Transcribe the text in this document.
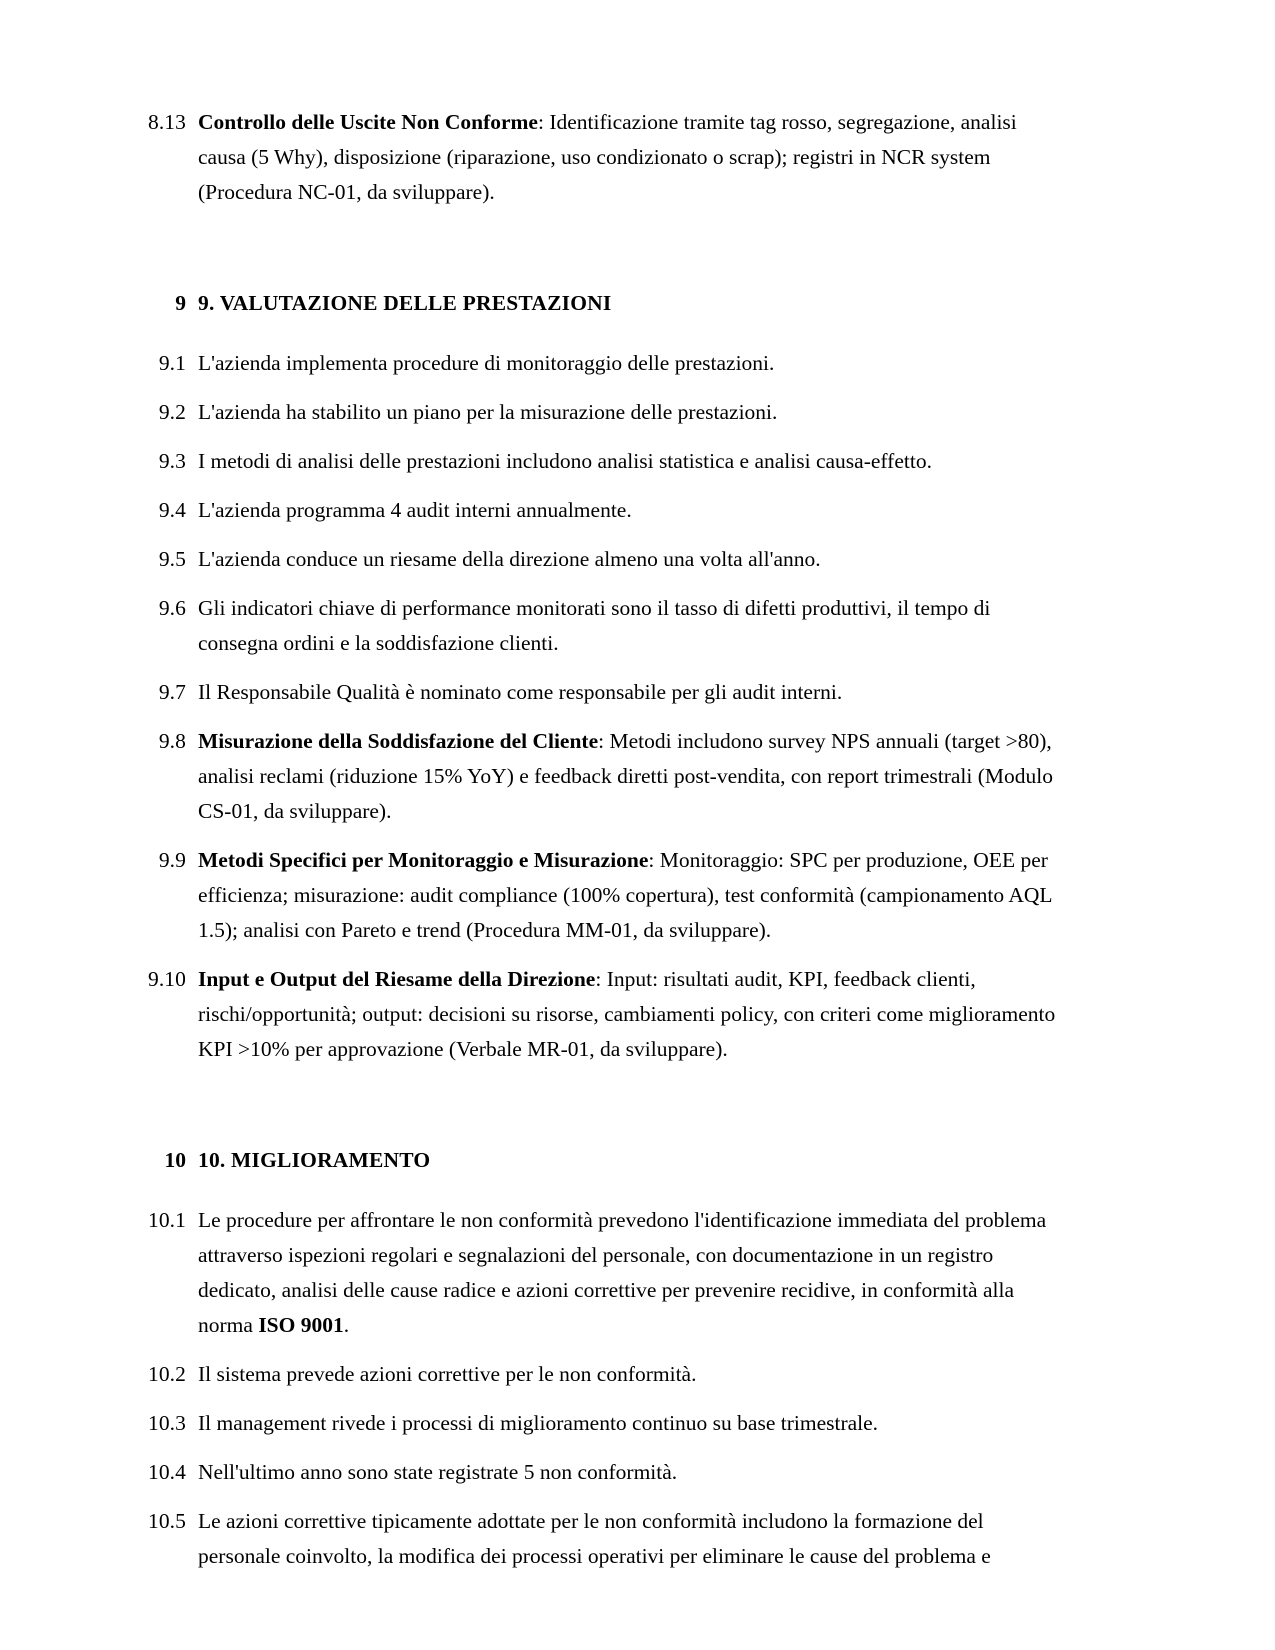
8.13 Controllo delle Uscite Non Conforme: Identificazione tramite tag rosso, segregazione, analisi causa (5 Why), disposizione (riparazione, uso condizionato o scrap); registri in NCR system (Procedura NC-01, da sviluppare).
9 9. VALUTAZIONE DELLE PRESTAZIONI
9.1 L'azienda implementa procedure di monitoraggio delle prestazioni.
9.2 L'azienda ha stabilito un piano per la misurazione delle prestazioni.
9.3 I metodi di analisi delle prestazioni includono analisi statistica e analisi causa-effetto.
9.4 L'azienda programma 4 audit interni annualmente.
9.5 L'azienda conduce un riesame della direzione almeno una volta all'anno.
9.6 Gli indicatori chiave di performance monitorati sono il tasso di difetti produttivi, il tempo di consegna ordini e la soddisfazione clienti.
9.7 Il Responsabile Qualità è nominato come responsabile per gli audit interni.
9.8 Misurazione della Soddisfazione del Cliente: Metodi includono survey NPS annuali (target >80), analisi reclami (riduzione 15% YoY) e feedback diretti post-vendita, con report trimestrali (Modulo CS-01, da sviluppare).
9.9 Metodi Specifici per Monitoraggio e Misurazione: Monitoraggio: SPC per produzione, OEE per efficienza; misurazione: audit compliance (100% copertura), test conformità (campionamento AQL 1.5); analisi con Pareto e trend (Procedura MM-01, da sviluppare).
9.10 Input e Output del Riesame della Direzione: Input: risultati audit, KPI, feedback clienti, rischi/opportunità; output: decisioni su risorse, cambiamenti policy, con criteri come miglioramento KPI >10% per approvazione (Verbale MR-01, da sviluppare).
10 10. MIGLIORAMENTO
10.1 Le procedure per affrontare le non conformità prevedono l'identificazione immediata del problema attraverso ispezioni regolari e segnalazioni del personale, con documentazione in un registro dedicato, analisi delle cause radice e azioni correttive per prevenire recidive, in conformità alla norma ISO 9001.
10.2 Il sistema prevede azioni correttive per le non conformità.
10.3 Il management rivede i processi di miglioramento continuo su base trimestrale.
10.4 Nell'ultimo anno sono state registrate 5 non conformità.
10.5 Le azioni correttive tipicamente adottate per le non conformità includono la formazione del personale coinvolto, la modifica dei processi operativi per eliminare le cause del problema e
